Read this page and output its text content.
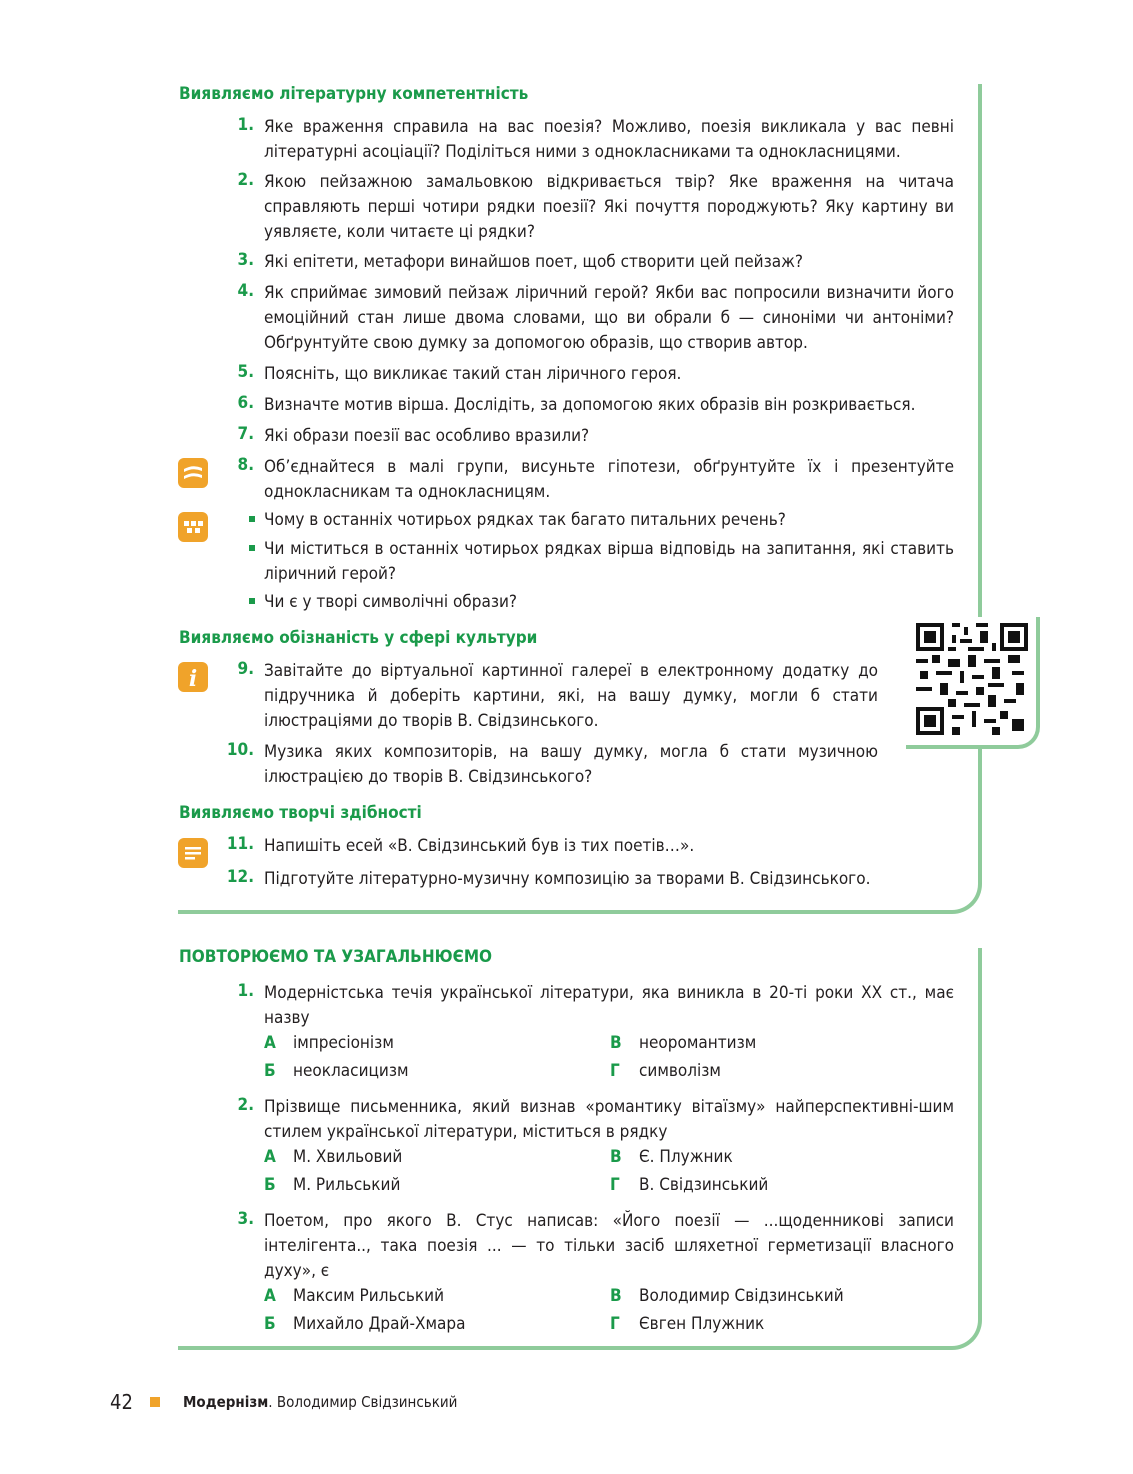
Виявляємо літературну компетентність
1. Яке враження справила на вас поезія? Можливо, поезія викликала у вас певні літературні асоціації? Поділіться ними з однокласниками та однокласницями.
2. Якою пейзажною замальовкою відкривається твір? Яке враження на читача справляють перші чотири рядки поезії? Які почуття породжують? Яку картину ви уявляєте, коли читаєте ці рядки?
3. Які епітети, метафори винайшов поет, щоб створити цей пейзаж?
4. Як сприймає зимовий пейзаж ліричний герой? Якби вас попросили визначити його емоційний стан лише двома словами, що ви обрали б — синоніми чи антоніми? Обґрунтуйте свою думку за допомогою образів, що створив автор.
5. Поясніть, що викликає такий стан ліричного героя.
6. Визначте мотив вірша. Дослідіть, за допомогою яких образів він розкривається.
7. Які образи поезії вас особливо вразили?
8. Об’єднайтеся в малі групи, висуньте гіпотези, обґрунтуйте їх і презентуйте однокласникам та однокласницям.
Чому в останніх чотирьох рядках так багато питальних речень?
Чи міститься в останніх чотирьох рядках вірша відповідь на запитання, які ставить ліричний герой?
Чи є у творі символічні образи?
Виявляємо обізнаність у сфері культури
i	9. Завітайте до віртуальної картинної галереї в електронному додатку до підручника й доберіть картини, які, на вашу думку, могли б стати ілюстраціями до творів В. Свідзинського.
10. Музика яких композиторів, на вашу думку, могла б стати музичною ілюстрацією до творів В. Свідзинського?
Виявляємо творчі здібності
11. Напишіть есей «В. Свідзинський був із тих поетів…».
12. Підготуйте літературно-музичну композицію за творами В. Свідзинського.
ПОВТОРЮЄМО ТА УЗАГАЛЬНЮЄМО
1. Модерністська течія української літератури, яка виникла в 20-ті роки XX ст., має назву
А імпресіонізм	В неоромантизм
Б неокласицизм	Г символізм
2. Прізвище письменника, який визнав «романтику вітаїзму» найперспективні-шим стилем української літератури, міститься в рядку
А М. Хвильовий	В Є. Плужник
Б М. Рильський	Г В. Свідзинський
3. Поетом, про якого В. Стус написав: «Його поезії — ...щоденникові записи інтелігента.., така поезія ... — то тільки засіб шляхетної герметизації власного духу», є
А Максим Рильський	В Володимир Свідзинський
Б Михайло Драй-Хмара	Г Євген Плужник
42	Модернізм. Володимир Свідзинський
